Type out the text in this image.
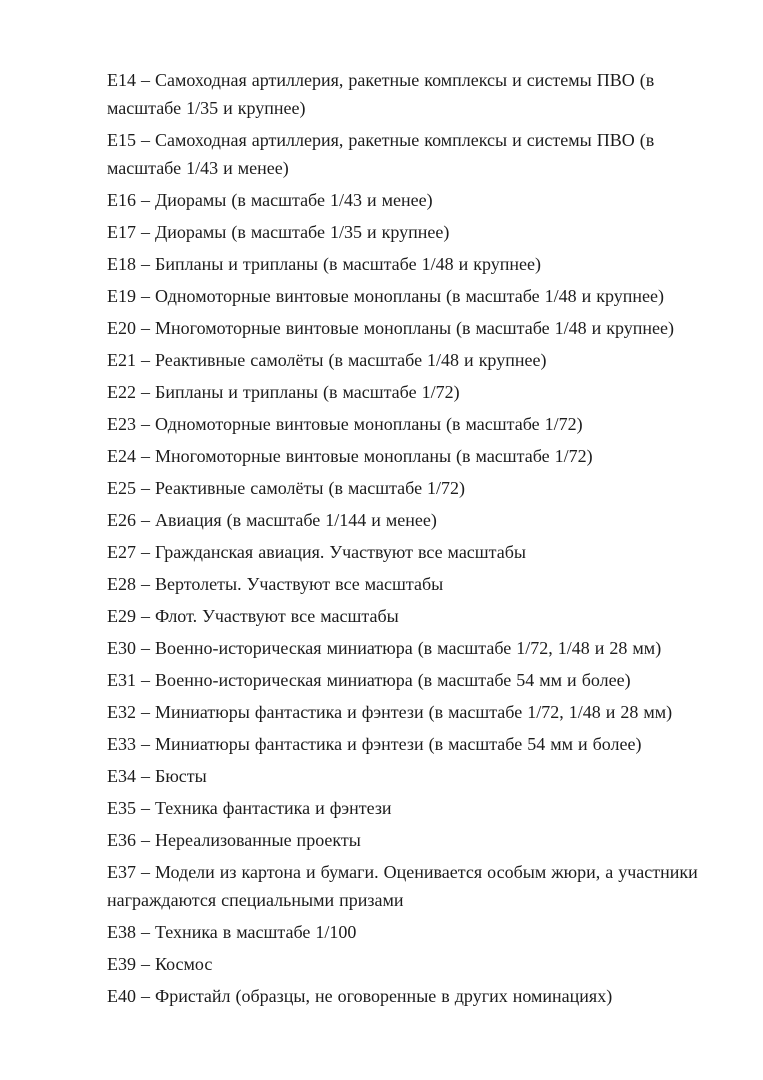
Е14 – Самоходная артиллерия, ракетные комплексы и системы ПВО (в масштабе 1/35 и крупнее)

Е15 – Самоходная артиллерия, ракетные комплексы и системы ПВО (в масштабе 1/43 и менее)

Е16 – Диорамы (в масштабе 1/43 и менее)

Е17 – Диорамы (в масштабе 1/35 и крупнее)

Е18 – Бипланы и трипланы (в масштабе 1/48 и крупнее)

Е19 – Одномоторные винтовые монопланы (в масштабе 1/48 и крупнее)

Е20 – Многомоторные винтовые монопланы (в масштабе 1/48 и крупнее)

Е21 – Реактивные самолёты (в масштабе 1/48 и крупнее)

Е22 – Бипланы и трипланы (в масштабе 1/72)

Е23 – Одномоторные винтовые монопланы (в масштабе 1/72)

Е24 – Многомоторные винтовые монопланы (в масштабе 1/72)

Е25 – Реактивные самолёты (в масштабе 1/72)

Е26 – Авиация (в масштабе 1/144 и менее)

Е27 – Гражданская авиация. Участвуют все масштабы

Е28 – Вертолеты. Участвуют все масштабы

Е29 – Флот. Участвуют все масштабы

Е30 – Военно-историческая миниатюра (в масштабе 1/72, 1/48 и 28 мм)

Е31 – Военно-историческая миниатюра (в масштабе 54 мм и более)

Е32 – Миниатюры фантастика и фэнтези (в масштабе 1/72, 1/48 и 28 мм)

Е33 – Миниатюры фантастика и фэнтези (в масштабе 54 мм и более)

Е34 – Бюсты

Е35 – Техника фантастика и фэнтези

Е36 – Нереализованные проекты

Е37 – Модели из картона и бумаги. Оценивается особым жюри, а участники награждаются специальными призами

Е38 – Техника в масштабе 1/100

Е39 – Космос

Е40 – Фристайл (образцы, не оговоренные в других номинациях)
